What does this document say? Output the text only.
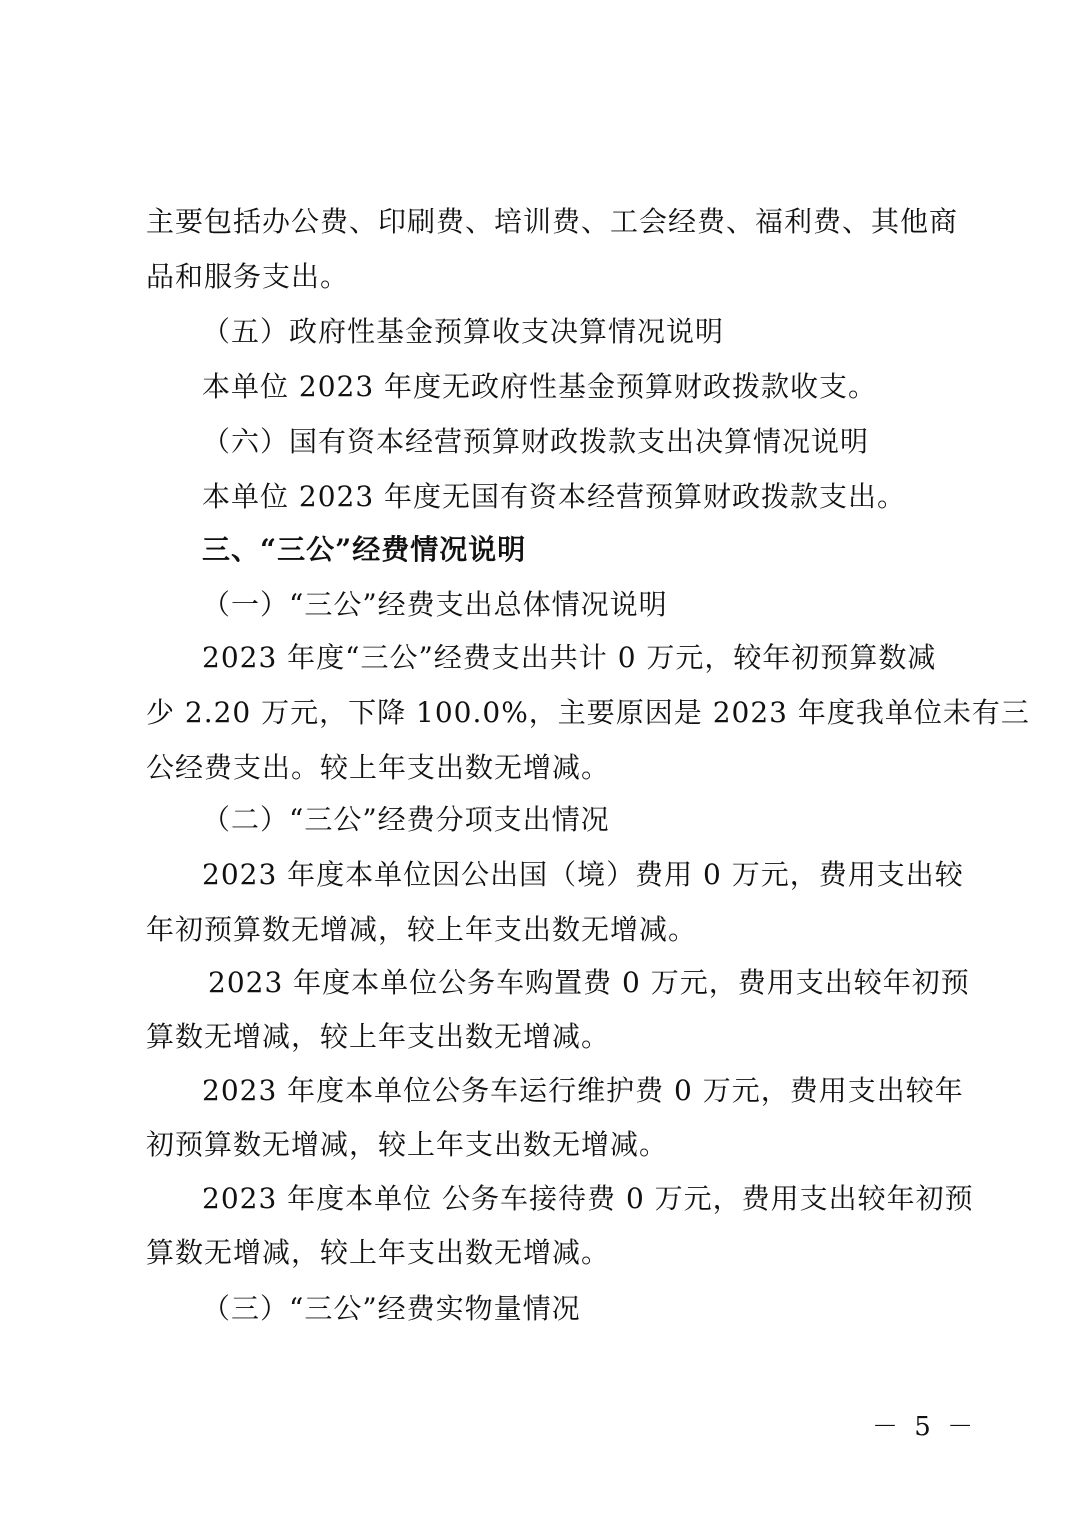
主要包括办公费、印刷费、培训费、工会经费、福利费、其他商
品和服务支出。
（五）政府性基金预算收支决算情况说明
本单位 2023 年度无政府性基金预算财政拨款收支。
（六）国有资本经营预算财政拨款支出决算情况说明
本单位 2023 年度无国有资本经营预算财政拨款支出。
三、“三公”经费情况说明
（一）“三公”经费支出总体情况说明
2023 年度“三公”经费支出共计 0 万元，较年初预算数减
少 2.20 万元，下降 100.0%，主要原因是 2023 年度我单位未有三
公经费支出。较上年支出数无增减。
（二）“三公”经费分项支出情况
2023 年度本单位因公出国（境）费用 0 万元，费用支出较
年初预算数无增减，较上年支出数无增减。
2023 年度本单位公务车购置费 0 万元，费用支出较年初预
算数无增减，较上年支出数无增减。
2023 年度本单位公务车运行维护费 0 万元，费用支出较年
初预算数无增减，较上年支出数无增减。
2023 年度本单位 公务车接待费 0 万元，费用支出较年初预
算数无增减，较上年支出数无增减。
（三）“三公”经费实物量情况
－ 5 －
